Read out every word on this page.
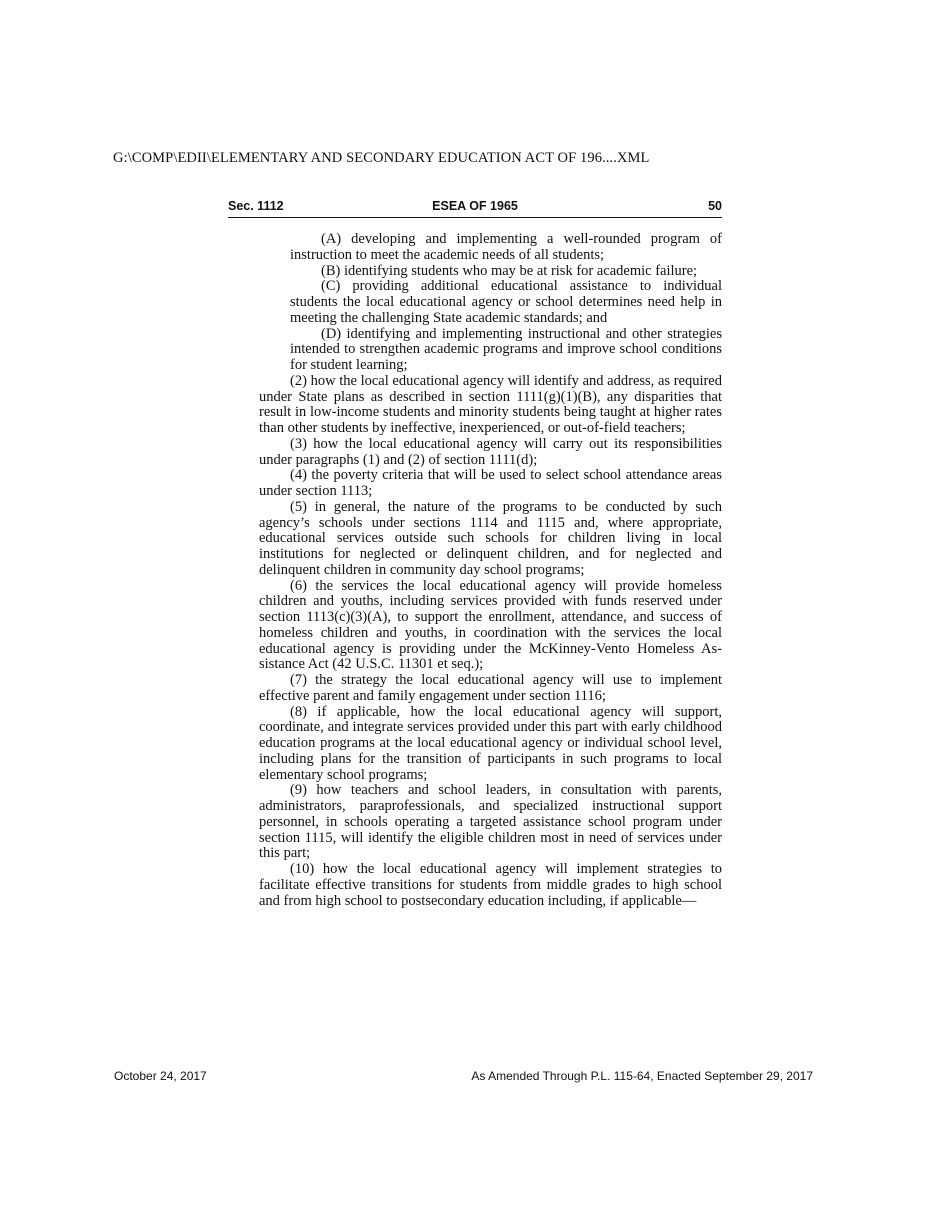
G:\COMP\EDII\ELEMENTARY AND SECONDARY EDUCATION ACT OF 196....XML
Sec. 1112	ESEA OF 1965	50

(A) developing and implementing a well-rounded program of instruction to meet the academic needs of all students;

(B) identifying students who may be at risk for academic failure;

(C) providing additional educational assistance to individual students the local educational agency or school determines need help in meeting the challenging State academic standards; and

(D) identifying and implementing instructional and other strategies intended to strengthen academic programs and improve school conditions for student learning;

(2) how the local educational agency will identify and address, as required under State plans as described in section 1111(g)(1)(B), any disparities that result in low-income students and minority students being taught at higher rates than other students by ineffective, inexperienced, or out-of-field teachers;

(3) how the local educational agency will carry out its responsibilities under paragraphs (1) and (2) of section 1111(d);

(4) the poverty criteria that will be used to select school attendance areas under section 1113;

(5) in general, the nature of the programs to be conducted by such agency’s schools under sections 1114 and 1115 and, where appropriate, educational services outside such schools for children living in local institutions for neglected or delinquent children, and for neglected and delinquent children in community day school programs;

(6) the services the local educational agency will provide homeless children and youths, including services provided with funds reserved under section 1113(c)(3)(A), to support the enrollment, attendance, and success of homeless children and youths, in coordination with the services the local educational agency is providing under the McKinney-Vento Homeless Assistance Act (42 U.S.C. 11301 et seq.);

(7) the strategy the local educational agency will use to implement effective parent and family engagement under section 1116;

(8) if applicable, how the local educational agency will support, coordinate, and integrate services provided under this part with early childhood education programs at the local educational agency or individual school level, including plans for the transition of participants in such programs to local elementary school programs;

(9) how teachers and school leaders, in consultation with parents, administrators, paraprofessionals, and specialized instructional support personnel, in schools operating a targeted assistance school program under section 1115, will identify the eligible children most in need of services under this part;

(10) how the local educational agency will implement strategies to facilitate effective transitions for students from middle grades to high school and from high school to postsecondary education including, if applicable—

October 24, 2017	As Amended Through P.L. 115-64, Enacted September 29, 2017
